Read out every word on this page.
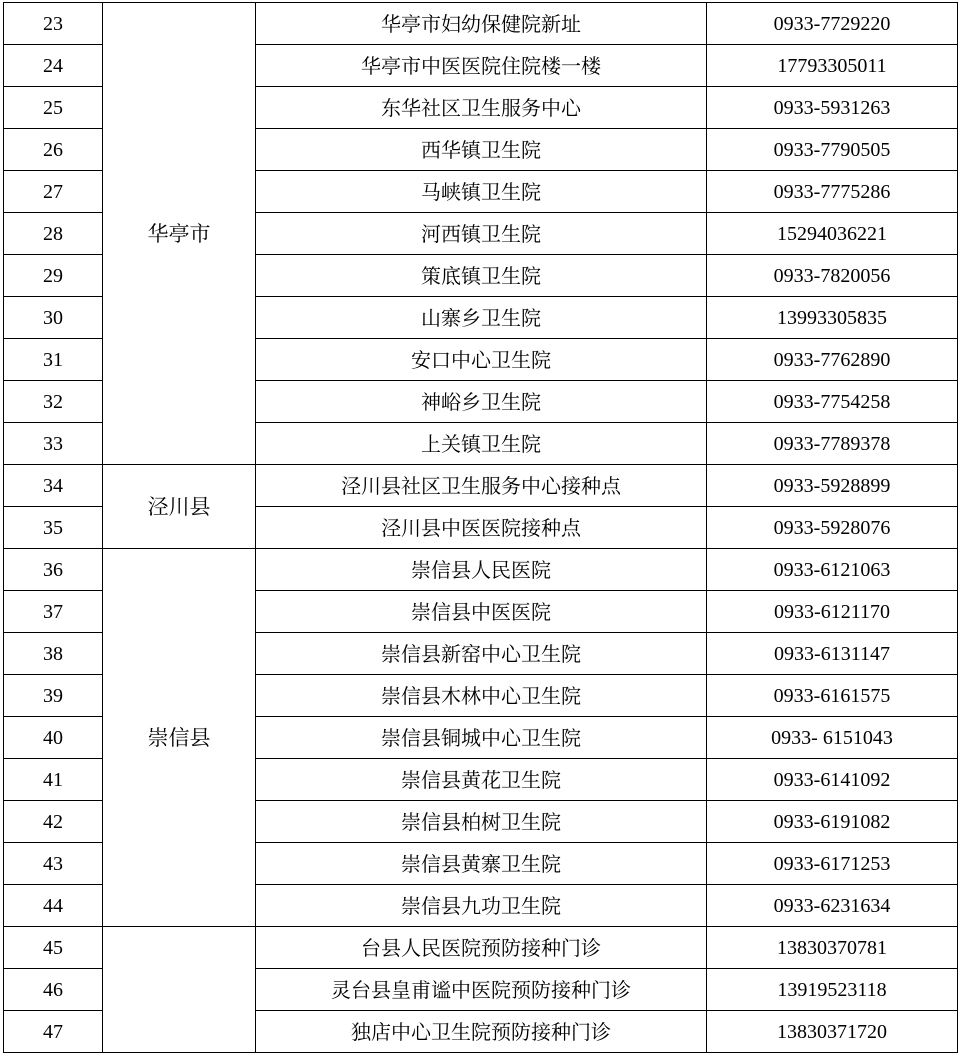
23	华亭市	华亭市妇幼保健院新址	0933-7729220
24		华亭市中医医院住院楼一楼	17793305011
25		东华社区卫生服务中心	0933-5931263
26		西华镇卫生院	0933-7790505
27		马峡镇卫生院	0933-7775286
28		河西镇卫生院	15294036221
29		策底镇卫生院	0933-7820056
30		山寨乡卫生院	13993305835
31		安口中心卫生院	0933-7762890
32		神峪乡卫生院	0933-7754258
33		上关镇卫生院	0933-7789378
34	泾川县	泾川县社区卫生服务中心接种点	0933-5928899
35		泾川县中医医院接种点	0933-5928076
36	崇信县	崇信县人民医院	0933-6121063
37		崇信县中医医院	0933-6121170
38		崇信县新窑中心卫生院	0933-6131147
39		崇信县木林中心卫生院	0933-6161575
40		崇信县铜城中心卫生院	0933- 6151043
41		崇信县黄花卫生院	0933-6141092
42		崇信县柏树卫生院	0933-6191082
43		崇信县黄寨卫生院	0933-6171253
44		崇信县九功卫生院	0933-6231634
45		台县人民医院预防接种门诊	13830370781
46		灵台县皇甫谧中医院预防接种门诊	13919523118
47		独店中心卫生院预防接种门诊	13830371720
